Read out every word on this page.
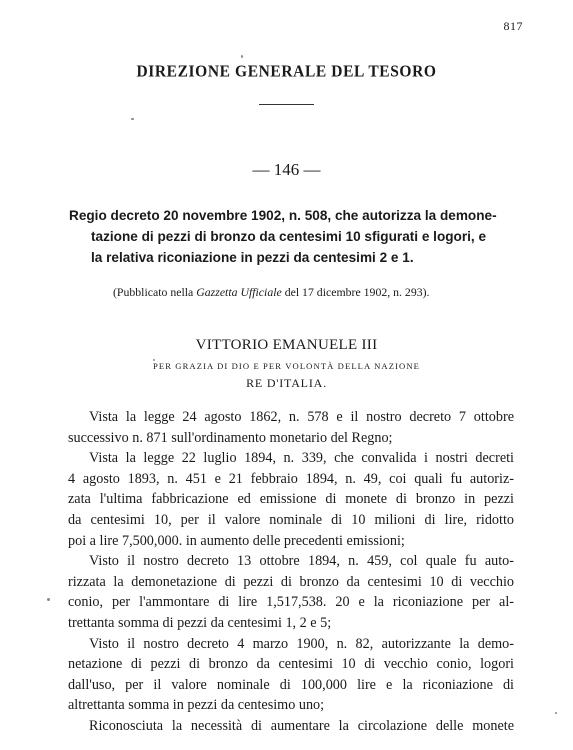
817
DIREZIONE GENERALE DEL TESORO
— 146 —
Regio decreto 20 novembre 1902, n. 508, che autorizza la demone-
tazione di pezzi di bronzo da centesimi 10 sfigurati e logori, e
la relativa riconiazione in pezzi da centesimi 2 e 1.
(Pubblicato nella Gazzetta Ufficiale del 17 dicembre 1902, n. 293).
VITTORIO EMANUELE III
PER GRAZIA DI DIO E PER VOLONTÀ DELLA NAZIONE
RE D'ITALIA.
Vista la legge 24 agosto 1862, n. 578 e il nostro decreto 7 ottobre
successivo n. 871 sull'ordinamento monetario del Regno;
Vista la legge 22 luglio 1894, n. 339, che convalida i nostri decreti
4 agosto 1893, n. 451 e 21 febbraio 1894, n. 49, coi quali fu autoriz-
zata l'ultima fabbricazione ed emissione di monete di bronzo in pezzi
da centesimi 10, per il valore nominale di 10 milioni di lire, ridotto
poi a lire 7,500,000. in aumento delle precedenti emissioni;
Visto il nostro decreto 13 ottobre 1894, n. 459, col quale fu auto-
rizzata la demonetazione di pezzi di bronzo da centesimi 10 di vecchio
conio, per l'ammontare di lire 1,517,538. 20 e la riconiazione per al-
trettanta somma di pezzi da centesimi 1, 2 e 5;
Visto il nostro decreto 4 marzo 1900, n. 82, autorizzante la demo-
netazione di pezzi di bronzo da centesimi 10 di vecchio conio, logori
dall'uso, per il valore nominale di 100,000 lire e la riconiazione di
altrettanta somma in pezzi da centesimo uno;
Riconosciuta la necessità di aumentare la circolazione delle monete
